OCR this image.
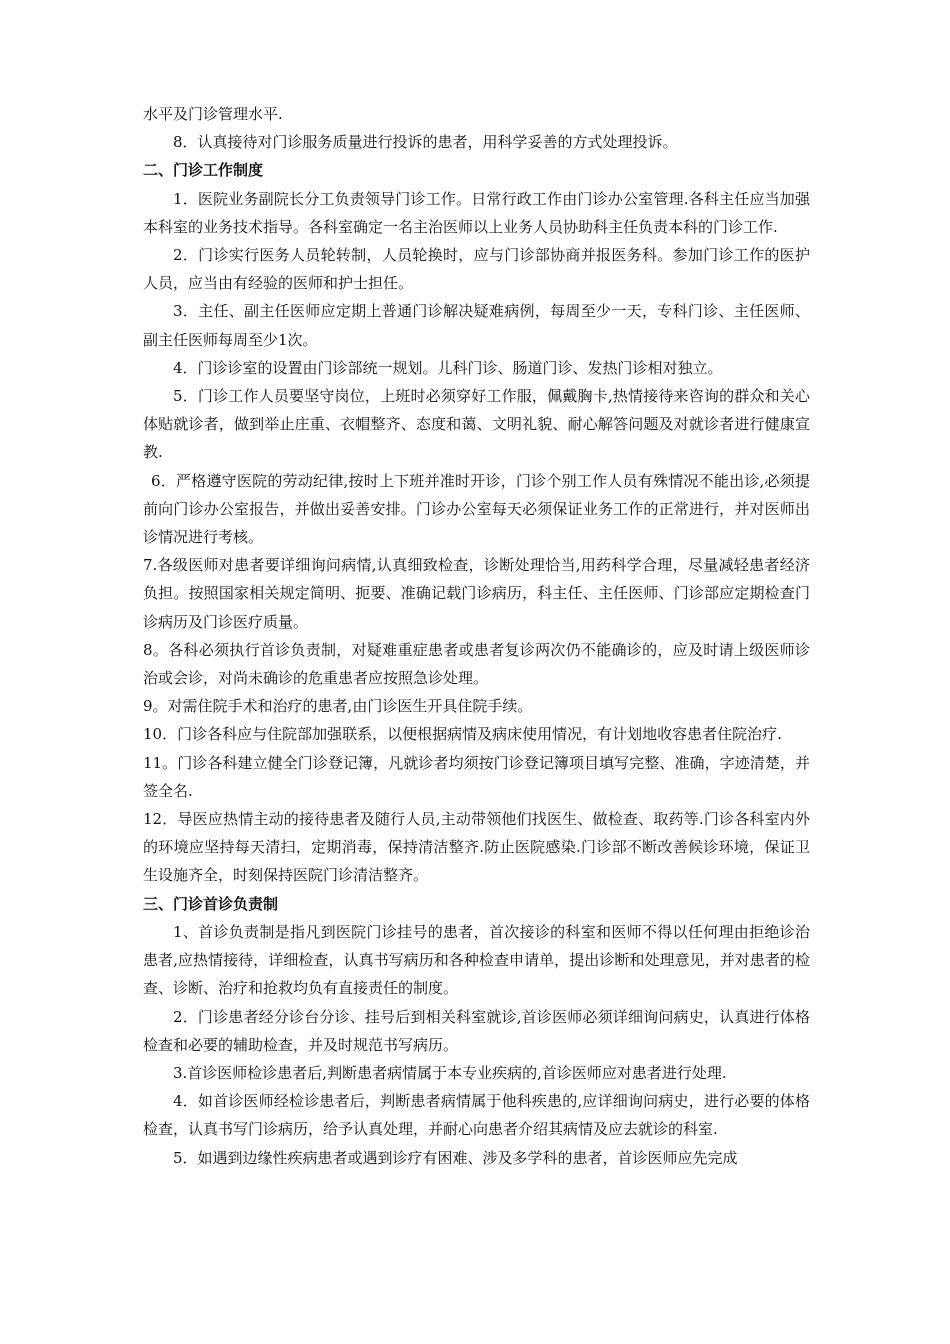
水平及门诊管理水平.

8．认真接待对门诊服务质量进行投诉的患者，用科学妥善的方式处理投诉。

二、门诊工作制度

1．医院业务副院长分工负责领导门诊工作。日常行政工作由门诊办公室管理.各科主任应当加强本科室的业务技术指导。各科室确定一名主治医师以上业务人员协助科主任负责本科的门诊工作.

2．门诊实行医务人员轮转制，人员轮换时，应与门诊部协商并报医务科。参加门诊工作的医护人员，应当由有经验的医师和护士担任。

3．主任、副主任医师应定期上普通门诊解决疑难病例，每周至少一天，专科门诊、主任医师、副主任医师每周至少1次。

4．门诊诊室的设置由门诊部统一规划。儿科门诊、肠道门诊、发热门诊相对独立。

5．门诊工作人员要坚守岗位，上班时必须穿好工作服，佩戴胸卡,热情接待来咨询的群众和关心体贴就诊者，做到举止庄重、衣帽整齐、态度和蔼、文明礼貌、耐心解答问题及对就诊者进行健康宣教.

6．严格遵守医院的劳动纪律,按时上下班并准时开诊，门诊个别工作人员有殊情况不能出诊,必须提前向门诊办公室报告，并做出妥善安排。门诊办公室每天必须保证业务工作的正常进行，并对医师出诊情况进行考核。

7.各级医师对患者要详细询问病情,认真细致检查，诊断处理恰当,用药科学合理，尽量减轻患者经济负担。按照国家相关规定简明、扼要、准确记载门诊病历，科主任、主任医师、门诊部应定期检查门诊病历及门诊医疗质量。

8。各科必须执行首诊负责制，对疑难重症患者或患者复诊两次仍不能确诊的，应及时请上级医师诊治或会诊，对尚未确诊的危重患者应按照急诊处理。

9。对需住院手术和治疗的患者,由门诊医生开具住院手续。

10．门诊各科应与住院部加强联系，以便根据病情及病床使用情况，有计划地收容患者住院治疗.

11。门诊各科建立健全门诊登记簿，凡就诊者均须按门诊登记簿项目填写完整、准确，字迹清楚，并签全名.

12．导医应热情主动的接待患者及随行人员,主动带领他们找医生、做检查、取药等.门诊各科室内外的环境应坚持每天清扫，定期消毒，保持清洁整齐.防止医院感染.门诊部不断改善候诊环境，保证卫生设施齐全，时刻保持医院门诊清洁整齐。

三、门诊首诊负责制

1、首诊负责制是指凡到医院门诊挂号的患者，首次接诊的科室和医师不得以任何理由拒绝诊治患者,应热情接待，详细检查，认真书写病历和各种检查申请单，提出诊断和处理意见，并对患者的检查、诊断、治疗和抢救均负有直接责任的制度。

2．门诊患者经分诊台分诊、挂号后到相关科室就诊,首诊医师必须详细询问病史，认真进行体格检查和必要的辅助检查，并及时规范书写病历。

3.首诊医师检诊患者后,判断患者病情属于本专业疾病的,首诊医师应对患者进行处理.

4．如首诊医师经检诊患者后，判断患者病情属于他科疾患的,应详细询问病史，进行必要的体格检查，认真书写门诊病历，给予认真处理，并耐心向患者介绍其病情及应去就诊的科室.

5．如遇到边缘性疾病患者或遇到诊疗有困难、涉及多学科的患者，首诊医师应先完成
